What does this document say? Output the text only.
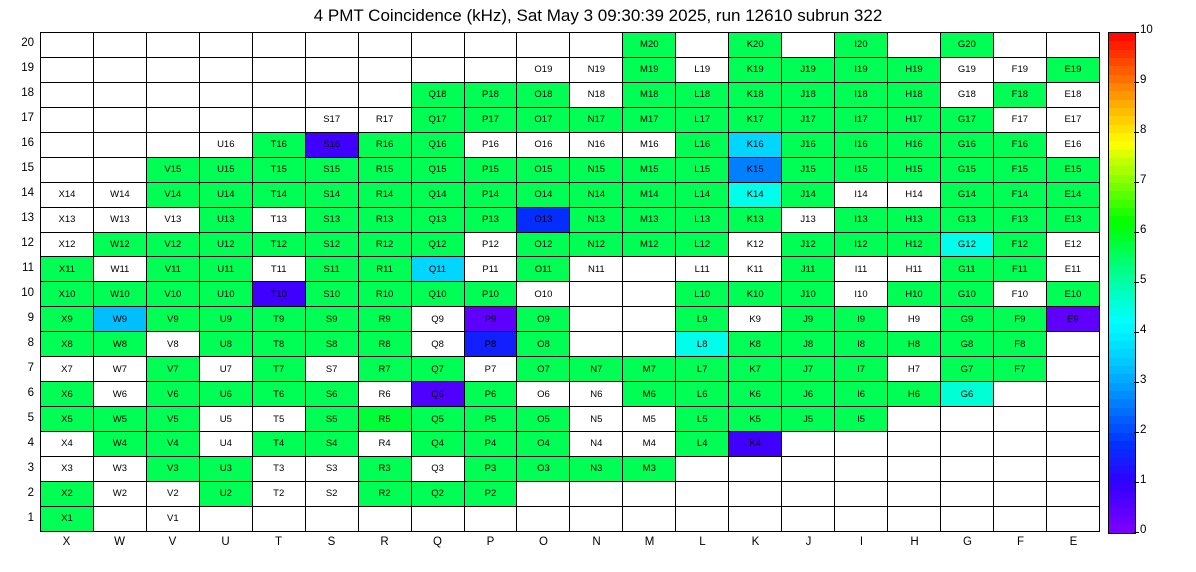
4 PMT Coincidence (kHz), Sat May 3 09:30:39 2025, run 12610 subrun 322
											M20		K20		I20		G20		
									O19	N19	M19	L19	K19	J19	I19	H19	G19	F19	E19
							Q18	P18	O18	N18	M18	L18	K18	J18	I18	H18	G18	F18	E18
					S17	R17	Q17	P17	O17	N17	M17	L17	K17	J17	I17	H17	G17	F17	E17
			U16	T16	S16	R16	Q16	P16	O16	N16	M16	L16	K16	J16	I16	H16	G16	F16	E16
		V15	U15	T15	S15	R15	Q15	P15	O15	N15	M15	L15	K15	J15	I15	H15	G15	F15	E15
X14	W14	V14	U14	T14	S14	R14	Q14	P14	O14	N14	M14	L14	K14	J14	I14	H14	G14	F14	E14
X13	W13	V13	U13	T13	S13	R13	Q13	P13	O13	N13	M13	L13	K13	J13	I13	H13	G13	F13	E13
X12	W12	V12	U12	T12	S12	R12	Q12	P12	O12	N12	M12	L12	K12	J12	I12	H12	G12	F12	E12
X11	W11	V11	U11	T11	S11	R11	Q11	P11	O11	N11		L11	K11	J11	I11	H11	G11	F11	E11
X10	W10	V10	U10	T10	S10	R10	Q10	P10	O10			L10	K10	J10	I10	H10	G10	F10	E10
X9	W9	V9	U9	T9	S9	R9	Q9	P9	O9			L9	K9	J9	I9	H9	G9	F9	E9
X8	W8	V8	U8	T8	S8	R8	Q8	P8	O8			L8	K8	J8	I8	H8	G8	F8	
X7	W7	V7	U7	T7	S7	R7	Q7	P7	O7	N7	M7	L7	K7	J7	I7	H7	G7	F7	
X6	W6	V6	U6	T6	S6	R6	Q6	P6	O6	N6	M6	L6	K6	J6	I6	H6	G6		
X5	W5	V5	U5	T5	S5	R5	Q5	P5	O5	N5	M5	L5	K5	J5	I5				
X4	W4	V4	U4	T4	S4	R4	Q4	P4	O4	N4	M4	L4	K4						
X3	W3	V3	U3	T3	S3	R3	Q3	P3	O3	N3	M3								
X2	W2	V2	U2	T2	S2	R2	Q2	P2											
X1		V1																	
20
19
18
17
16
15
14
13
12
11
10
9
8
7
6
5
4
3
2
1
X	W	V	U	T	S	R	Q	P	O	N	M	L	K	J	I	H	G	F	E
0
1
2
3
4
5
6
7
8
9
10
